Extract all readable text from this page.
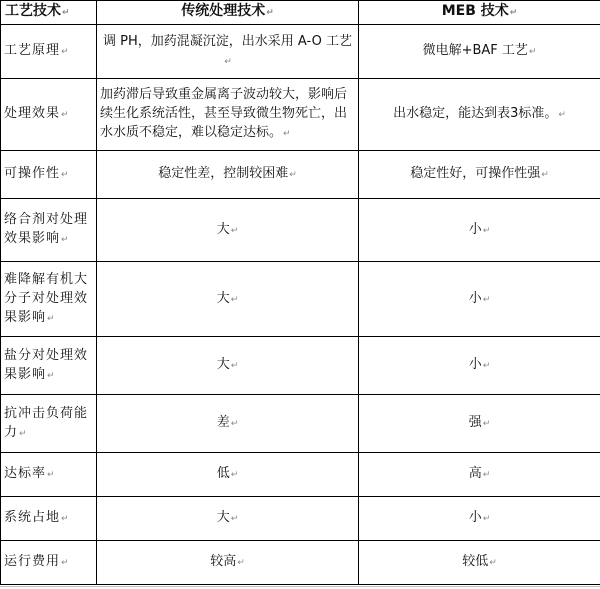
工艺技术↵	传统处理技术↵	MEB 技术↵
工艺原理↵	调 PH，加药混凝沉淀，出水采用 A-O 工艺↵	微电解+BAF 工艺↵
处理效果↵	加药滞后导致重金属离子波动较大，影响后续生化系统活性，甚至导致微生物死亡，出水水质不稳定，难以稳定达标。↵	出水稳定，能达到表3标准。↵
可操作性↵	稳定性差，控制较困难↵	稳定性好，可操作性强↵
络合剂对处理效果影响↵	大↵	小↵
难降解有机大分子对处理效果影响↵	大↵	小↵
盐分对处理效果影响↵	大↵	小↵
抗冲击负荷能力↵	差↵	强↵
达标率↵	低↵	高↵
系统占地↵	大↵	小↵
运行费用↵	较高↵	较低↵
